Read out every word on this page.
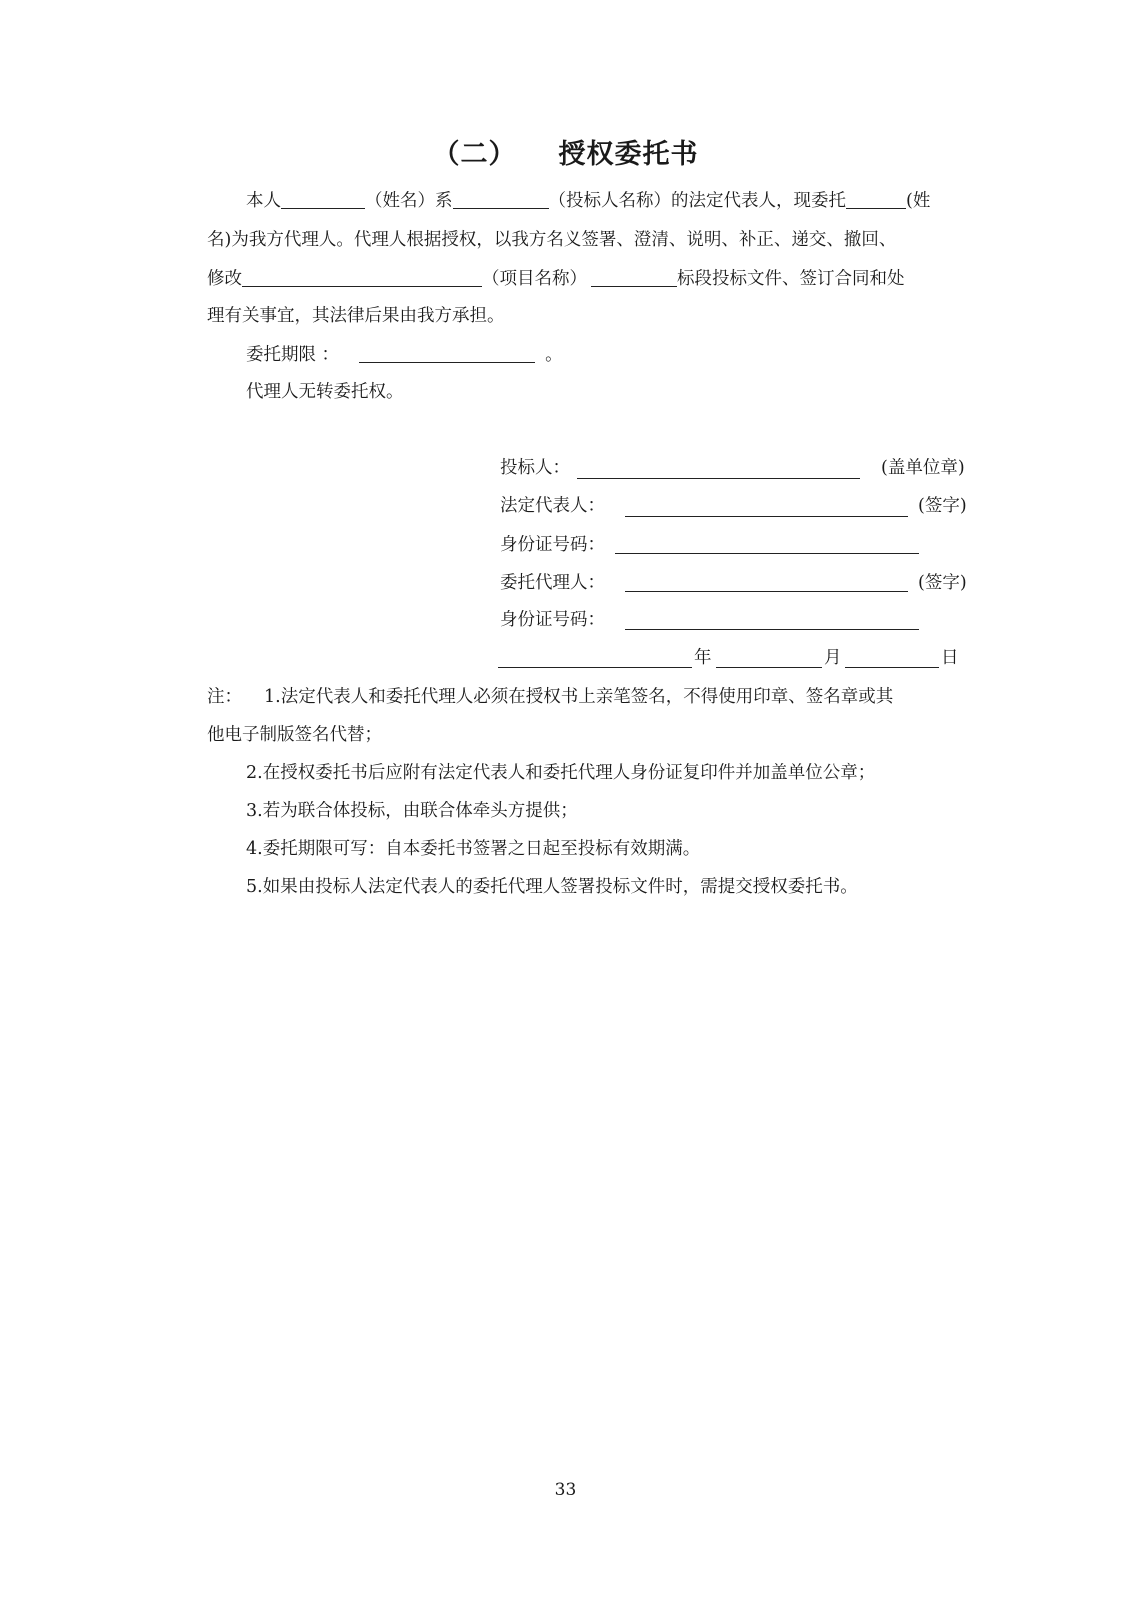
（二） 授权委托书
本人	（姓名）系	（投标人名称）的法定代表人，现委托	(姓
名)为我方代理人。代理人根据授权，以我方名义签署、澄清、说明、补正、递交、撤回、
修改	（项目名称）	标段投标文件、签订合同和处
理有关事宜，其法律后果由我方承担。
委托期限 ：	。
代理人无转委托权。
投标人：	(盖单位章)
法定代表人：	(签字)
身份证号码：
委托代理人：	(签字)
身份证号码：
年	月	日
注： 1.法定代表人和委托代理人必须在授权书上亲笔签名，不得使用印章、签名章或其
他电子制版签名代替；
2.在授权委托书后应附有法定代表人和委托代理人身份证复印件并加盖单位公章；
3.若为联合体投标，由联合体牵头方提供；
4.委托期限可写：自本委托书签署之日起至投标有效期满。
5.如果由投标人法定代表人的委托代理人签署投标文件时，需提交授权委托书。
33
